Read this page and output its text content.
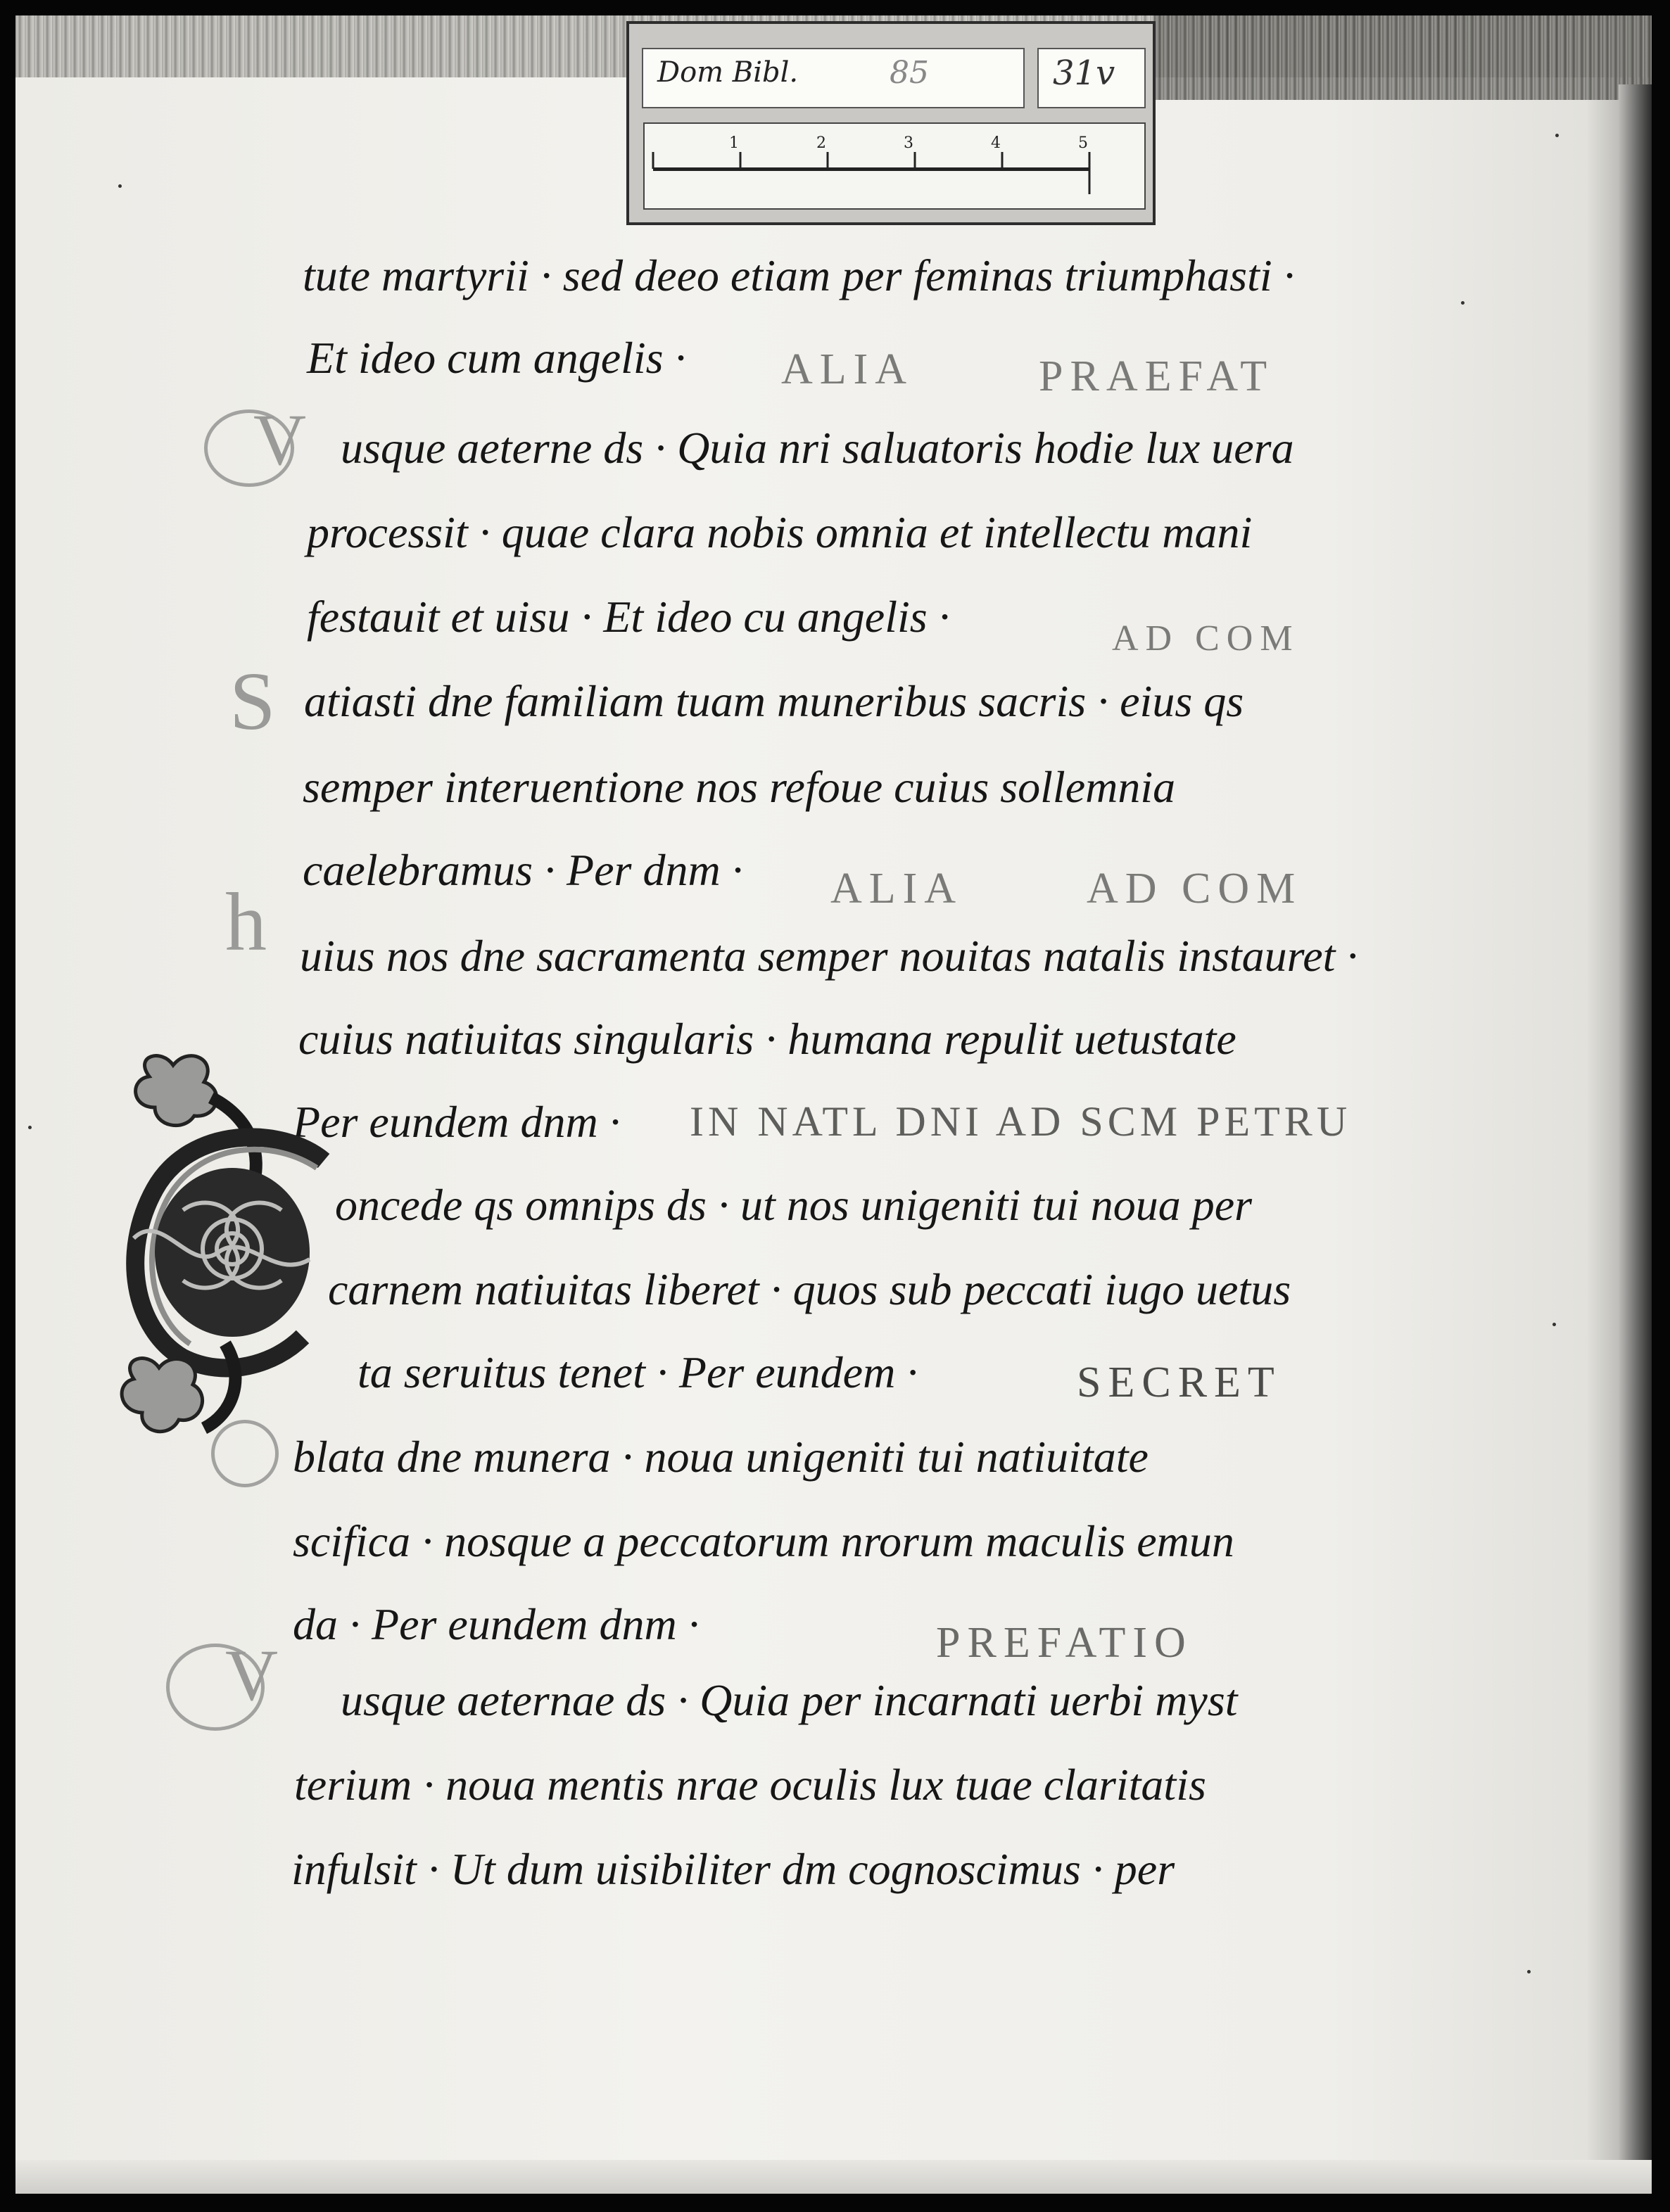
Dom Bibl.	85	31v
1	2	3	4	5
tute martyrii · sed deeo etiam per feminas triumphasti ·
Et ideo cum angelis · ALIA	PRAEFAT
V usque aeterne ds · Quia nri saluatoris hodie lux uera
processit · quae clara nobis omnia et intellectu mani
festauit et uisu · Et ideo cu angelis ·	AD COM
S atiasti dne familiam tuam muneribus sacris · eius qs
semper interuentione nos refoue cuius sollemnia
caelebramus · Per dnm · ALIA	AD COM
h uius nos dne sacramenta semper nouitas natalis instauret ·
cuius natiuitas singularis · humana repulit uetustate
Per eundem dnm · IN NATL DNI AD SCM PETRU
oncede qs omnips ds · ut nos unigeniti tui noua per
carnem natiuitas liberet · quos sub peccati iugo uetus
ta seruitus tenet · Per eundem ·	SECRET
blata dne munera · noua unigeniti tui natiuitate
scifica · nosque a peccatorum nrorum maculis emun
da · Per eundem dnm ·	PREFATIO
V usque aeternae ds · Quia per incarnati uerbi myst
terium · noua mentis nrae oculis lux tuae claritatis
infulsit · Ut dum uisibiliter dm cognoscimus · per
